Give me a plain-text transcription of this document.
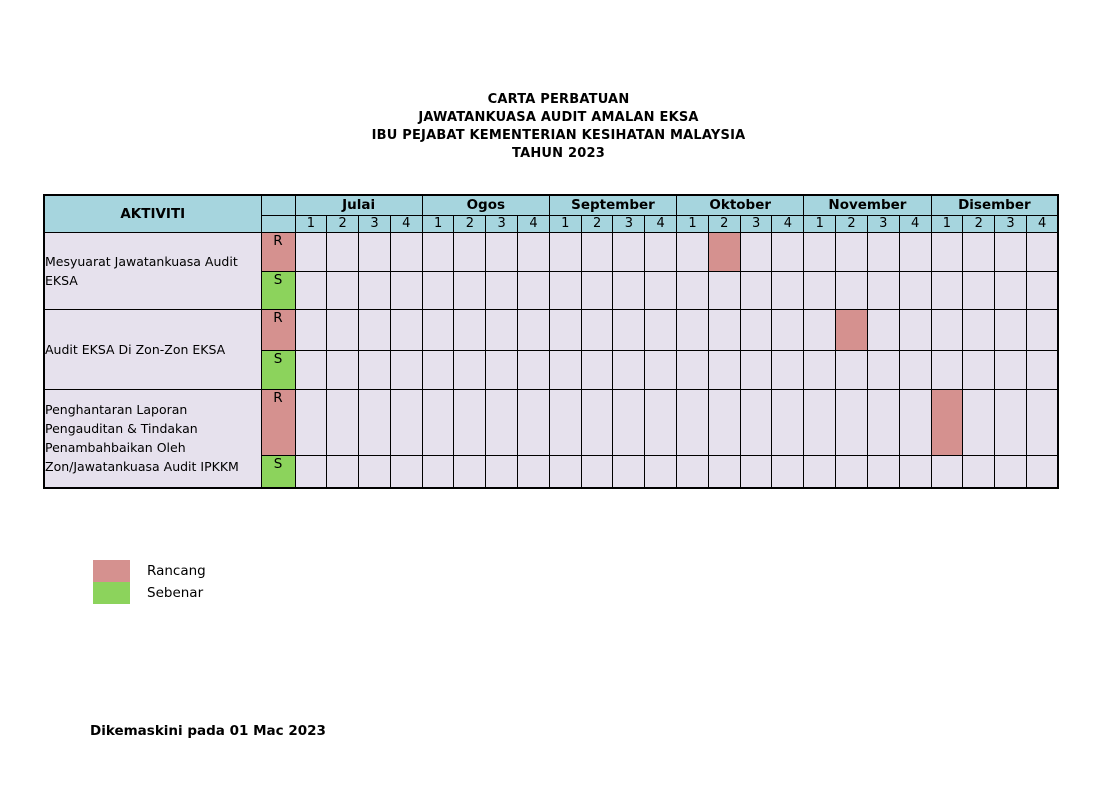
CARTA PERBATUAN
JAWATANKUASA AUDIT AMALAN EKSA
IBU PEJABAT KEMENTERIAN KESIHATAN MALAYSIA
TAHUN 2023
AKTIVITI		Julai				Ogos				September				Oktober				November				Disember			
		1	2	3	4	1	2	3	4	1	2	3	4	1	2	3	4	1	2	3	4	1	2	3	4
Mesyuarat Jawatankuasa Audit EKSA	R																								
	S																								
Audit EKSA Di Zon-Zon EKSA	R																								
	S																								
Penghantaran Laporan Pengauditan & Tindakan Penambahbaikan Oleh Zon/Jawatankuasa Audit IPKKM	R																								
	S																								
Rancang
Sebenar
Dikemaskini pada 01 Mac 2023
